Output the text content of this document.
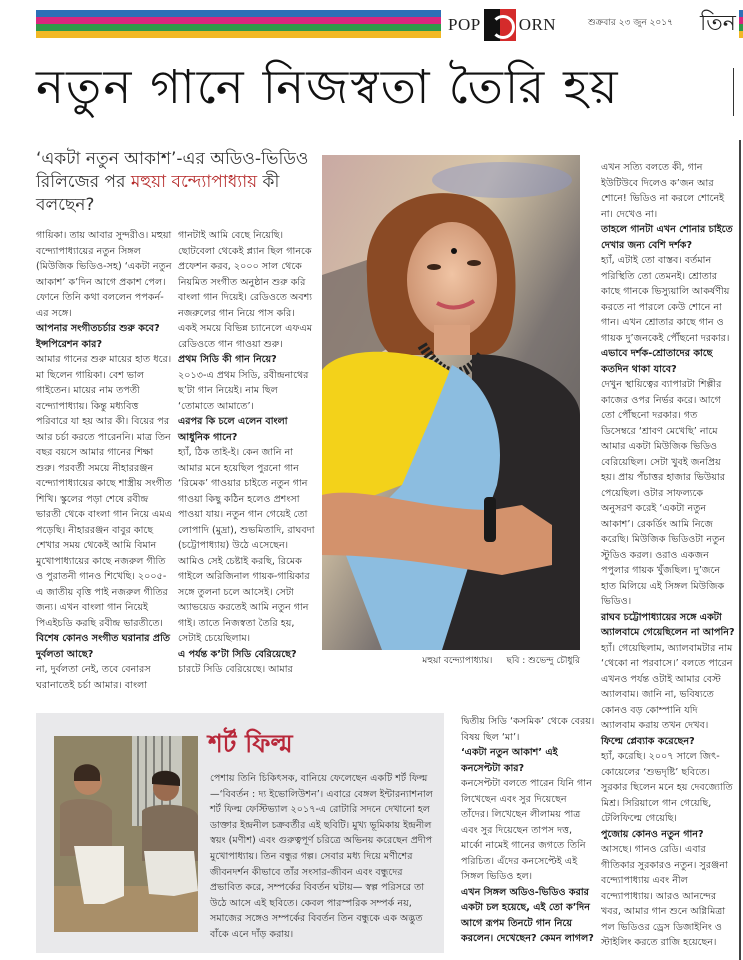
POP ORN	শুক্রবার ২৩ জুন ২০১৭ তিন
নতুন গানে নিজস্বতা তৈরি হয়
‘একটা নতুন আকাশ’-এর অডিও-ভিডিও রিলিজের পর মহুয়া বন্দ্যোপাধ্যায় কী বলছেন?

গায়িকা। তায় আবার সুন্দরীও। মহুয়া বন্দ্যোপাধ্যায়ের নতুন সিঙ্গল (মিউজিক ভিডিও-সহ) ‘একটা নতুন আকাশ’ ক’দিন আগে প্রকাশ পেল। ফোনে তিনি কথা বললেন পপকর্ন-এর সঙ্গে।

আপনার সংগীতচর্চার শুরু কবে? ইন্সপিরেশন কার?

আমার গানের শুরু মায়ের হাত ধরে। মা ছিলেন গায়িকা। বেশ ভাল গাইতেন। মায়ের নাম তপতী বন্দ্যোপাধ্যায়। কিন্তু মধ্যবিত্ত পরিবারে যা হয় আর কী। বিয়ের পর আর চর্চা করতে পারেননি। মাত্র তিন বছর বয়সে আমার গানের শিক্ষা শুরু। পরবর্তী সময়ে নীহাররঞ্জন বন্দ্যোপাধ্যায়ের কাছে শাস্ত্রীয় সংগীত শিখি। স্কুলের পড়া শেষে রবীন্দ্র ভারতী থেকে বাংলা গান নিয়ে এমএ পড়েছি। নীহাররঞ্জন বাবুর কাছে শেখার সময় থেকেই আমি বিমান মুখোপাধ্যায়ের কাছে নজরুল গীতি ও পুরাতনী গানও শিখেছি। ২০০৫-এ জাতীয় বৃত্তি পাই নজরুল গীতির জন্য। এখন বাংলা গান নিয়েই পিএইচডি করছি রবীন্দ্র ভারতীতে।

বিশেষ কোনও সংগীত ঘরানার প্রতি দুর্বলতা আছে?

না, দুর্বলতা নেই, তবে বেনারস ঘরানাতেই চর্চা আমার। বাংলা

গানটাই আমি বেছে নিয়েছি। ছোটবেলা থেকেই প্ল্যান ছিল গানকে প্রফেশন করব, ২০০০ সাল থেকে নিয়মিত সংগীত অনুষ্ঠান শুরু করি বাংলা গান দিয়েই। রেডিওতে অবশ্য নজরুলের গান নিয়ে পাস করি। একই সময়ে বিভিন্ন চ্যানেলে এফএম রেডিওতে গান গাওয়া শুরু।

প্রথম সিডি কী গান নিয়ে?

২০১৩-এ প্রথম সিডি, রবীন্দ্রনাথের ছ’টা গান নিয়েই। নাম ছিল ‘তোমাতে আমাতে’।

এরপর কি চলে এলেন বাংলা আধুনিক গানে?

হ্যাঁ, ঠিক তাই-ই। কেন জানি না আমার মনে হয়েছিল পুরনো গান ‘রিমেক’ গাওয়ার চাইতে নতুন গান গাওয়া কিছু কঠিন হলেও প্রশংসা পাওয়া যায়। নতুন গান গেয়েই তো লোপাদি (মুদ্রা), শুভমিতাদি, রাঘবদা (চট্টোপাধ্যায়) উঠে এসেছেন। আমিও সেই চেষ্টাই করছি, রিমেক গাইলে অরিজিনাল গায়ক-গায়িকার সঙ্গে তুলনা চলে আসেই। সেটা অ্যাভয়েড করতেই আমি নতুন গান গাই। তাতে নিজস্বতা তৈরি হয়, সেটাই চেয়েছিলাম।

এ পর্যন্ত ক’টা সিডি বেরিয়েছে?

চারটে সিডি বেরিয়েছে। আমার

এখন সত্যি বলতে কী, গান ইউটিউবে দিলেও ক’জন আর শোনে! ভিডিও না করলে শোনেই না। দেখেও না।

তাহলে গানটা এখন শোনার চাইতে দেখার জন্য বেশি দর্শক?

হ্যাঁ, এটাই তো বাস্তব। বর্তমান পরিস্থিতি তো তেমনই। শ্রোতার কাছে গানকে ভিস্যুয়ালি আকর্ষণীয় করতে না পারলে কেউ শোনে না গান। এখন শ্রোতার কাছে গান ও গায়ক দু’জনকেই পৌঁছনো দরকার।

এভাবে দর্শক-শ্রোতাদের কাছে কতদিন থাকা যাবে?

দেখুন স্থায়িত্বের ব্যাপারটা শিল্পীর কাজের ওপর নির্ভর করে। আগে তো পৌঁছনো দরকার। গত ডিসেম্বরে ‘শ্রাবণ মেখেছি’ নামে আমার একটা মিউজিক ভিডিও বেরিয়েছিল। সেটা খুবই জনপ্রিয় হয়। প্রায় পঁচাত্তর হাজার ভিউয়ার পেয়েছিল। ওটার সাফল্যকে অনুসরণ করেই ‘একটা নতুন আকাশ’। রেকর্ডিং আমি নিজে করেছি। মিউজিক ভিডিওটা নতুন স্টুডিও করল। ওরাও একজন পপুলার গায়ক খুঁজছিল। দু’জনে হাত মিলিয়ে এই সিঙ্গল মিউজিক ভিডিও।

রাঘব চট্টোপাধ্যায়ের সঙ্গে একটা অ্যালবামে গেয়েছিলেন না আপনি?

হ্যাঁ। গেয়েছিলাম, অ্যালবামটার নাম ‘থেকো না পরবাসে।’ বলতে পারেন এখনও পর্যন্ত ওটাই আমার বেস্ট অ্যালবাম। জানি না, ভবিষ্যতে কোনও বড় কোম্পানি যদি অ্যালবাম করায় তখন দেখব।

ফিল্মে প্লেব্যাক করেছেন?

হ্যাঁ, করেছি। ২০০৭ সালে জিৎ-কোয়েলের ‘শুভদৃষ্টি’ ছবিতে। সুরকার ছিলেন মনে হয় দেবজ্যোতি মিশ্র। সিরিয়ালে গান গেয়েছি, টেলিফিল্মে গেয়েছি।

পুজোয় কোনও নতুন গান?

আসছে। গানও রেডি। এবার গীতিকার সুরকারও নতুন। সুরঞ্জনা বন্দ্যোপাধ্যায় এবং নীল বন্দ্যোপাধ্যায়। আরও আনন্দের খবর, আমার গান শুনে অগ্নিমিত্রা পল ভিডিওর ড্রেস ডিজাইনিং ও স্টাইলিং করতে রাজি হয়েছেন।

মহুয়া বন্দ্যোপাধ্যায়। ছবি : শুভেন্দু চৌধুরি
শর্ট ফিল্ম
পেশায় তিনি চিকিৎসক, বানিয়ে ফেলেছেন একটি শর্ট ফিল্ম—‘বিবর্তন : দ্য ইভোলিউশন’। এবারে বেঙ্গল ইন্টারন্যাশনাল শর্ট ফিল্ম ফেস্টিভ্যাল ২০১৭-এ রোটারি সদনে দেখানো হল ডাক্তার ইন্দ্রনীল চক্রবর্তীর এই ছবিটি। মুখ্য ভূমিকায় ইন্দ্রনীল স্বয়ং (মণীশ) এবং গুরুত্বপূর্ণ চরিত্রে অভিনয় করেছেন প্রদীপ মুখোপাধ্যায়। তিন বন্ধুর গল্প। সেবার মধ্য দিয়ে মণীশের জীবনদর্শন কীভাবে তাঁর সংসার-জীবন এবং বন্ধুদের প্রভাবিত করে, সম্পর্কের বিবর্তন ঘটায়— স্বল্প পরিসরে তা উঠে আসে এই ছবিতে। কেবল পারস্পরিক সম্পর্ক নয়, সমাজের সঙ্গেও সম্পর্কের বিবর্তন তিন বন্ধুকে এক অদ্ভুত বাঁকে এনে দাঁড় করায়।

দ্বিতীয় সিডি ‘কসমিক’ থেকে বেরয়। বিষয় ছিল ‘মা’।

‘একটা নতুন আকাশ’ এই কনসেপ্টটা কার?

কনসেপ্টটা বলতে পারেন যিনি গান লিখেছেন এবং সুর দিয়েছেন তাঁদের। লিখেছেন লীলাময় পাত্র এবং সুর দিয়েছেন তাপস দত্ত, মার্কো নামেই গানের জগতে তিনি পরিচিত। এঁদের কনসেপ্টেই এই সিঙ্গল ভিডিও হল।

এখন সিঙ্গল অডিও-ভিডিও করার একটা চল হয়েছে, এই তো ক’দিন আগে রূপম তিনটে গান নিয়ে করলেন। দেখেছেন? কেমন লাগল?
